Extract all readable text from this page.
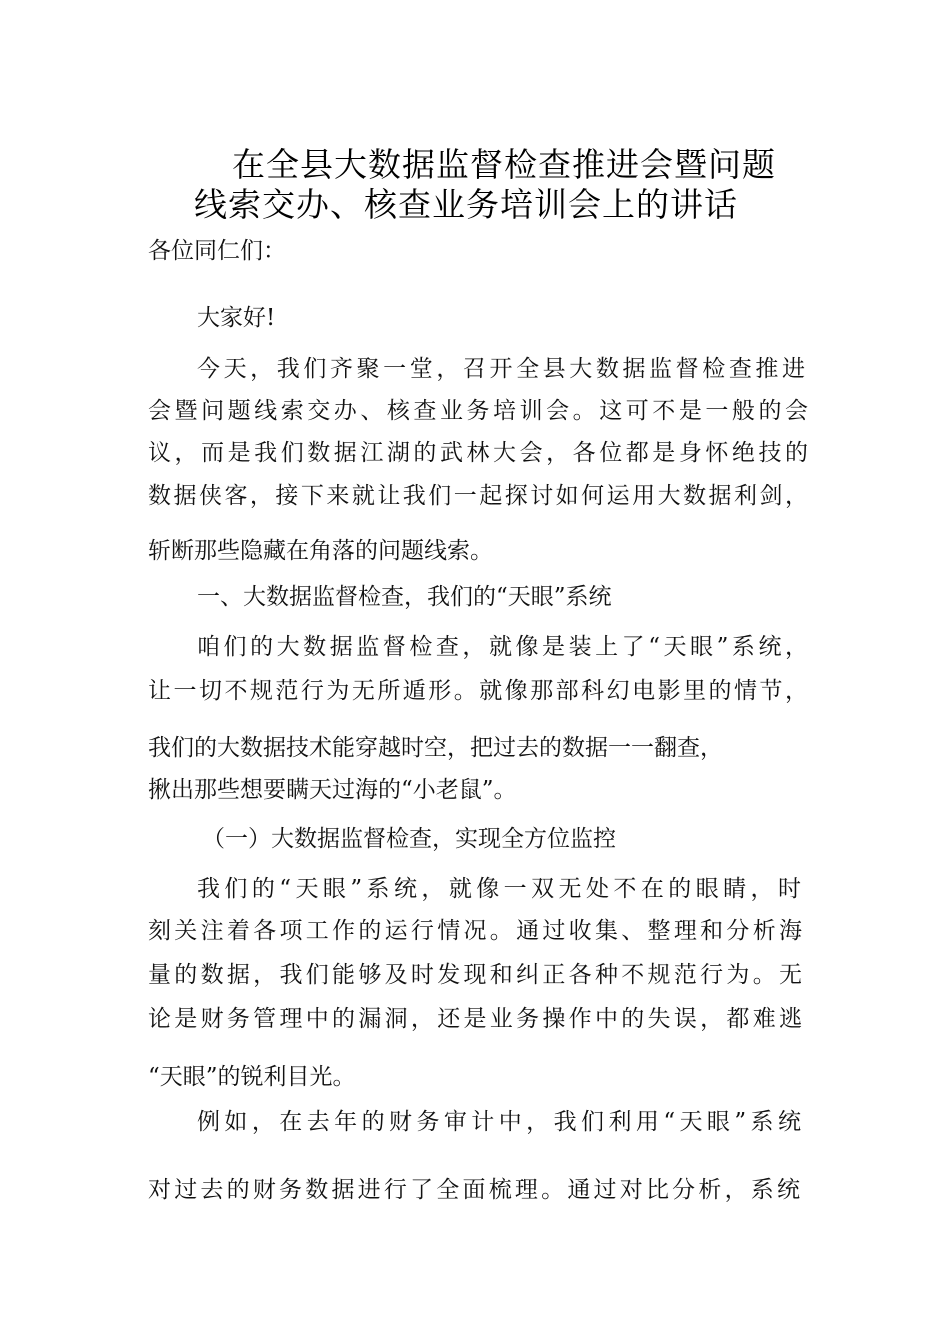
在全县大数据监督检查推进会暨问题
线索交办、核查业务培训会上的讲话
各位同仁们：
大家好!
今天，我们齐聚一堂，召开全县大数据监督检查推进
会暨问题线索交办、核查业务培训会。这可不是一般的会
议，而是我们数据江湖的武林大会，各位都是身怀绝技的
数据侠客，接下来就让我们一起探讨如何运用大数据利剑，
斩断那些隐藏在角落的问题线索。
一、大数据监督检查，我们的“天眼”系统
咱们的大数据监督检查，就像是装上了“天眼”系统，
让一切不规范行为无所遁形。就像那部科幻电影里的情节，
我们的大数据技术能穿越时空，把过去的数据一一翻查，
揪出那些想要瞒天过海的“小老鼠”。
（一）大数据监督检查，实现全方位监控
我们的“天眼”系统，就像一双无处不在的眼睛，时
刻关注着各项工作的运行情况。通过收集、整理和分析海
量的数据，我们能够及时发现和纠正各种不规范行为。无
论是财务管理中的漏洞，还是业务操作中的失误，都难逃
“天眼”的锐利目光。
例如，在去年的财务审计中，我们利用“天眼”系统
对过去的财务数据进行了全面梳理。通过对比分析，系统
